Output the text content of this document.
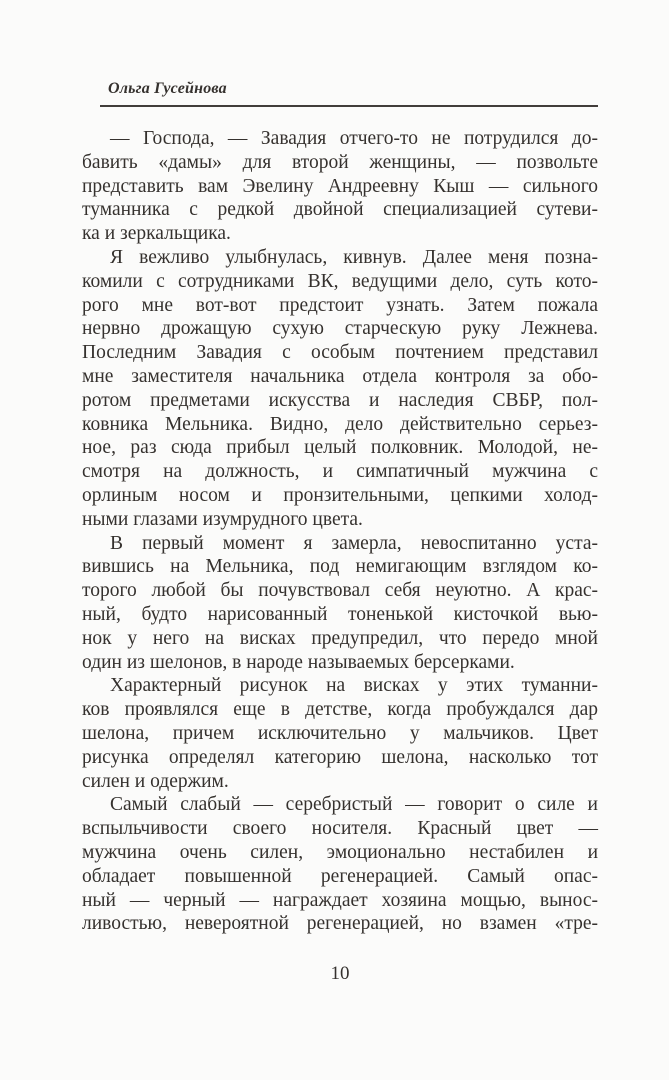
Ольга Гусейнова

— Господа, — Завадия отчего-то не потрудился до-
бавить «дамы» для второй женщины, — позвольте
представить вам Эвелину Андреевну Кыш — сильного
туманника с редкой двойной специализацией сутеви-
ка и зеркальщика.

Я вежливо улыбнулась, кивнув. Далее меня позна-
комили с сотрудниками ВК, ведущими дело, суть кото-
рого мне вот-вот предстоит узнать. Затем пожала
нервно дрожащую сухую старческую руку Лежнева.
Последним Завадия с особым почтением представил
мне заместителя начальника отдела контроля за обо-
ротом предметами искусства и наследия СВБР, пол-
ковника Мельника. Видно, дело действительно серьез-
ное, раз сюда прибыл целый полковник. Молодой, не-
смотря на должность, и симпатичный мужчина с
орлиным носом и пронзительными, цепкими холод-
ными глазами изумрудного цвета.

В первый момент я замерла, невоспитанно уста-
вившись на Мельника, под немигающим взглядом ко-
торого любой бы почувствовал себя неуютно. А крас-
ный, будто нарисованный тоненькой кисточкой вью-
нок у него на висках предупредил, что передо мной
один из шелонов, в народе называемых берсерками.

Характерный рисунок на висках у этих туманни-
ков проявлялся еще в детстве, когда пробуждался дар
шелона, причем исключительно у мальчиков. Цвет
рисунка определял категорию шелона, насколько тот
силен и одержим.

Самый слабый — серебристый — говорит о силе и
вспыльчивости своего носителя. Красный цвет —
мужчина очень силен, эмоционально нестабилен и
обладает повышенной регенерацией. Самый опас-
ный — черный — награждает хозяина мощью, вынос-
ливостью, невероятной регенерацией, но взамен «тре-

10
